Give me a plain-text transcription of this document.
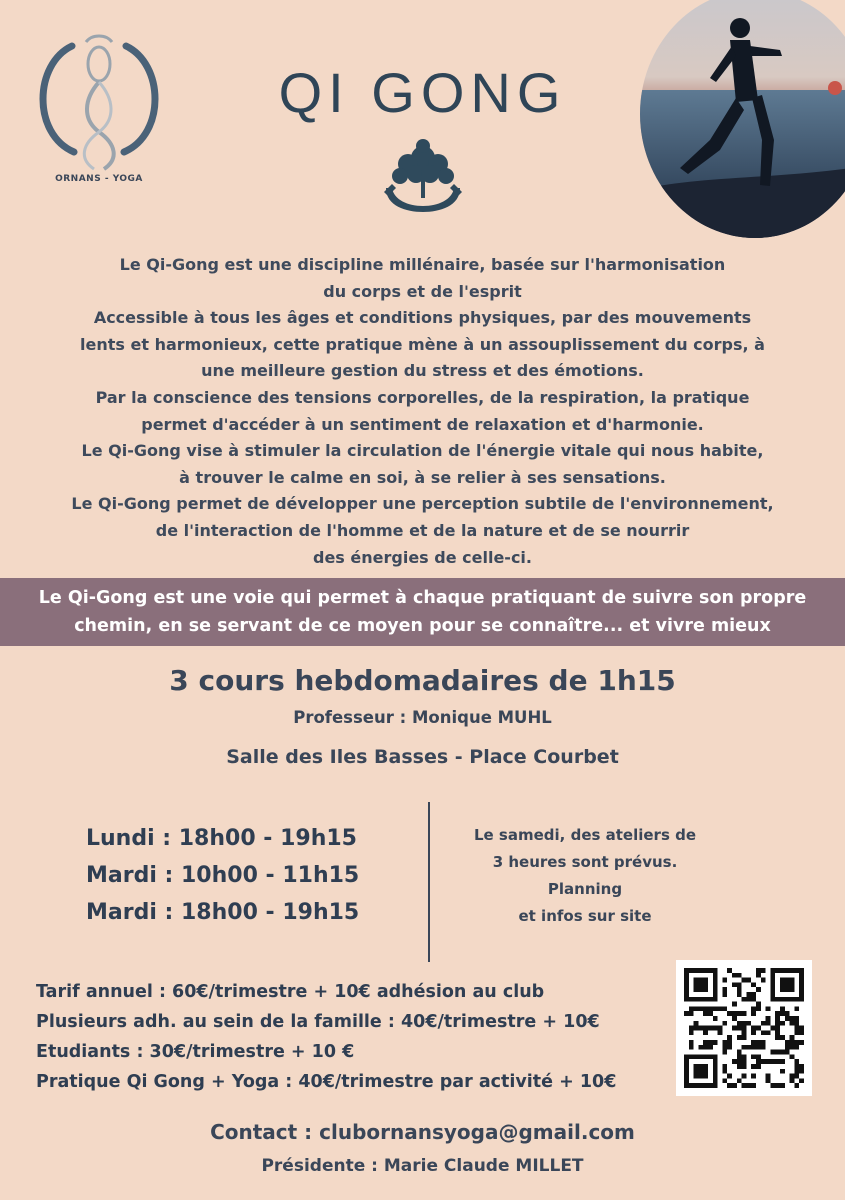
ORNANS - YOGA
QI GONG
Le Qi-Gong est une discipline millénaire, basée sur l'harmonisation
du corps et de l'esprit
Accessible à tous les âges et conditions physiques, par des mouvements
lents et harmonieux, cette pratique mène à un assouplissement du corps, à
une meilleure gestion du stress et des émotions.
Par la conscience des tensions corporelles, de la respiration, la pratique
permet d'accéder à un sentiment de relaxation et d'harmonie.
Le Qi-Gong vise à stimuler la circulation de l'énergie vitale qui nous habite,
à trouver le calme en soi, à se relier à ses sensations.
Le Qi-Gong permet de développer une perception subtile de l'environnement,
de l'interaction de l'homme et de la nature et de se nourrir
des énergies de celle-ci.
Le Qi-Gong est une voie qui permet à chaque pratiquant de suivre son propre
chemin, en se servant de ce moyen pour se connaître... et vivre mieux
3 cours hebdomadaires de 1h15
Professeur : Monique MUHL
Salle des Iles Basses - Place Courbet
Lundi : 18h00 - 19h15
Mardi : 10h00 - 11h15
Mardi : 18h00 - 19h15
Le samedi, des ateliers de
3 heures sont prévus. Planning
et infos sur site
Tarif annuel : 60€/trimestre + 10€ adhésion au club
Plusieurs adh. au sein de la famille : 40€/trimestre + 10€
Etudiants : 30€/trimestre + 10 €
Pratique Qi Gong + Yoga : 40€/trimestre par activité + 10€
Contact : clubornansyoga@gmail.com
Présidente : Marie Claude MILLET
